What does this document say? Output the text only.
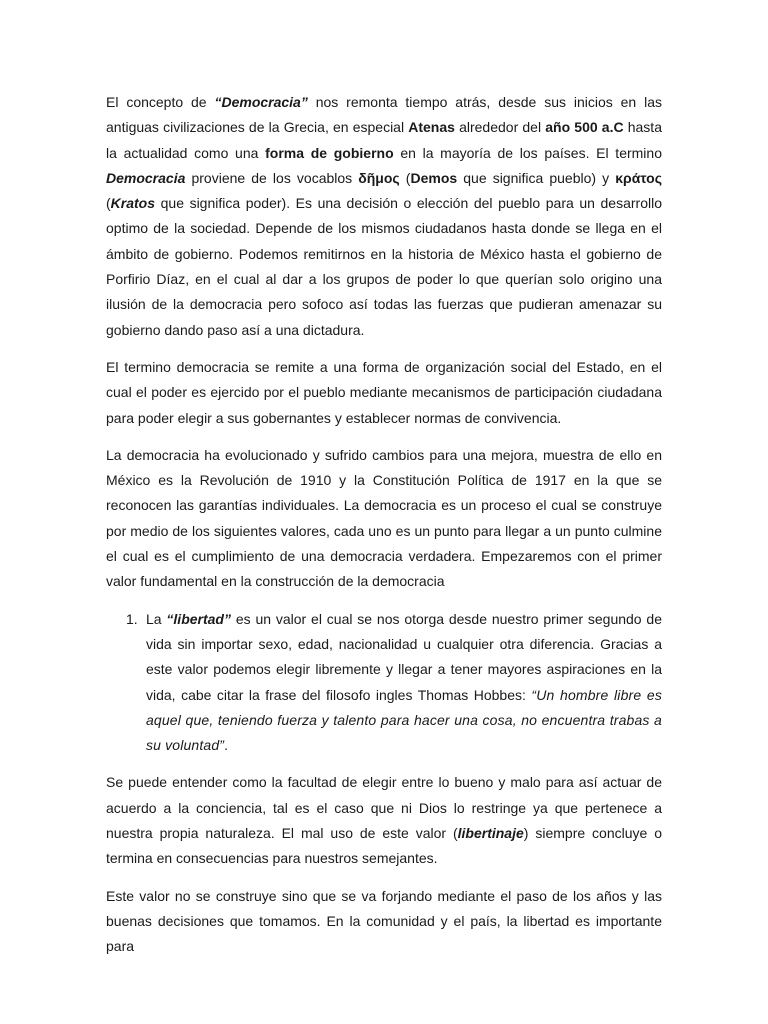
El concepto de “Democracia” nos remonta tiempo atrás, desde sus inicios en las antiguas civilizaciones de la Grecia, en especial Atenas alrededor del año 500 a.C hasta la actualidad como una forma de gobierno en la mayoría de los países. El termino Democracia proviene de los vocablos δῆμος (Demos que significa pueblo) y κράτος (Kratos que significa poder). Es una decisión o elección del pueblo para un desarrollo optimo de la sociedad. Depende de los mismos ciudadanos hasta donde se llega en el ámbito de gobierno. Podemos remitirnos en la historia de México hasta el gobierno de Porfirio Díaz, en el cual al dar a los grupos de poder lo que querían solo origino una ilusión de la democracia pero sofoco así todas las fuerzas que pudieran amenazar su gobierno dando paso así a una dictadura.

El termino democracia se remite a una forma de organización social del Estado, en el cual el poder es ejercido por el pueblo mediante mecanismos de participación ciudadana para poder elegir a sus gobernantes y establecer normas de convivencia.

La democracia ha evolucionado y sufrido cambios para una mejora, muestra de ello en México es la Revolución de 1910 y la Constitución Política de 1917 en la que se reconocen las garantías individuales. La democracia es un proceso el cual se construye por medio de los siguientes valores, cada uno es un punto para llegar a un punto culmine el cual es el cumplimiento de una democracia verdadera. Empezaremos con el primer valor fundamental en la construcción de la democracia

1. La “libertad” es un valor el cual se nos otorga desde nuestro primer segundo de vida sin importar sexo, edad, nacionalidad u cualquier otra diferencia. Gracias a este valor podemos elegir libremente y llegar a tener mayores aspiraciones en la vida, cabe citar la frase del filosofo ingles Thomas Hobbes: “Un hombre libre es aquel que, teniendo fuerza y talento para hacer una cosa, no encuentra trabas a su voluntad”.

Se puede entender como la facultad de elegir entre lo bueno y malo para así actuar de acuerdo a la conciencia, tal es el caso que ni Dios lo restringe ya que pertenece a nuestra propia naturaleza. El mal uso de este valor (libertinaje) siempre concluye o termina en consecuencias para nuestros semejantes.

Este valor no se construye sino que se va forjando mediante el paso de los años y las buenas decisiones que tomamos. En la comunidad y el país, la libertad es importante para
